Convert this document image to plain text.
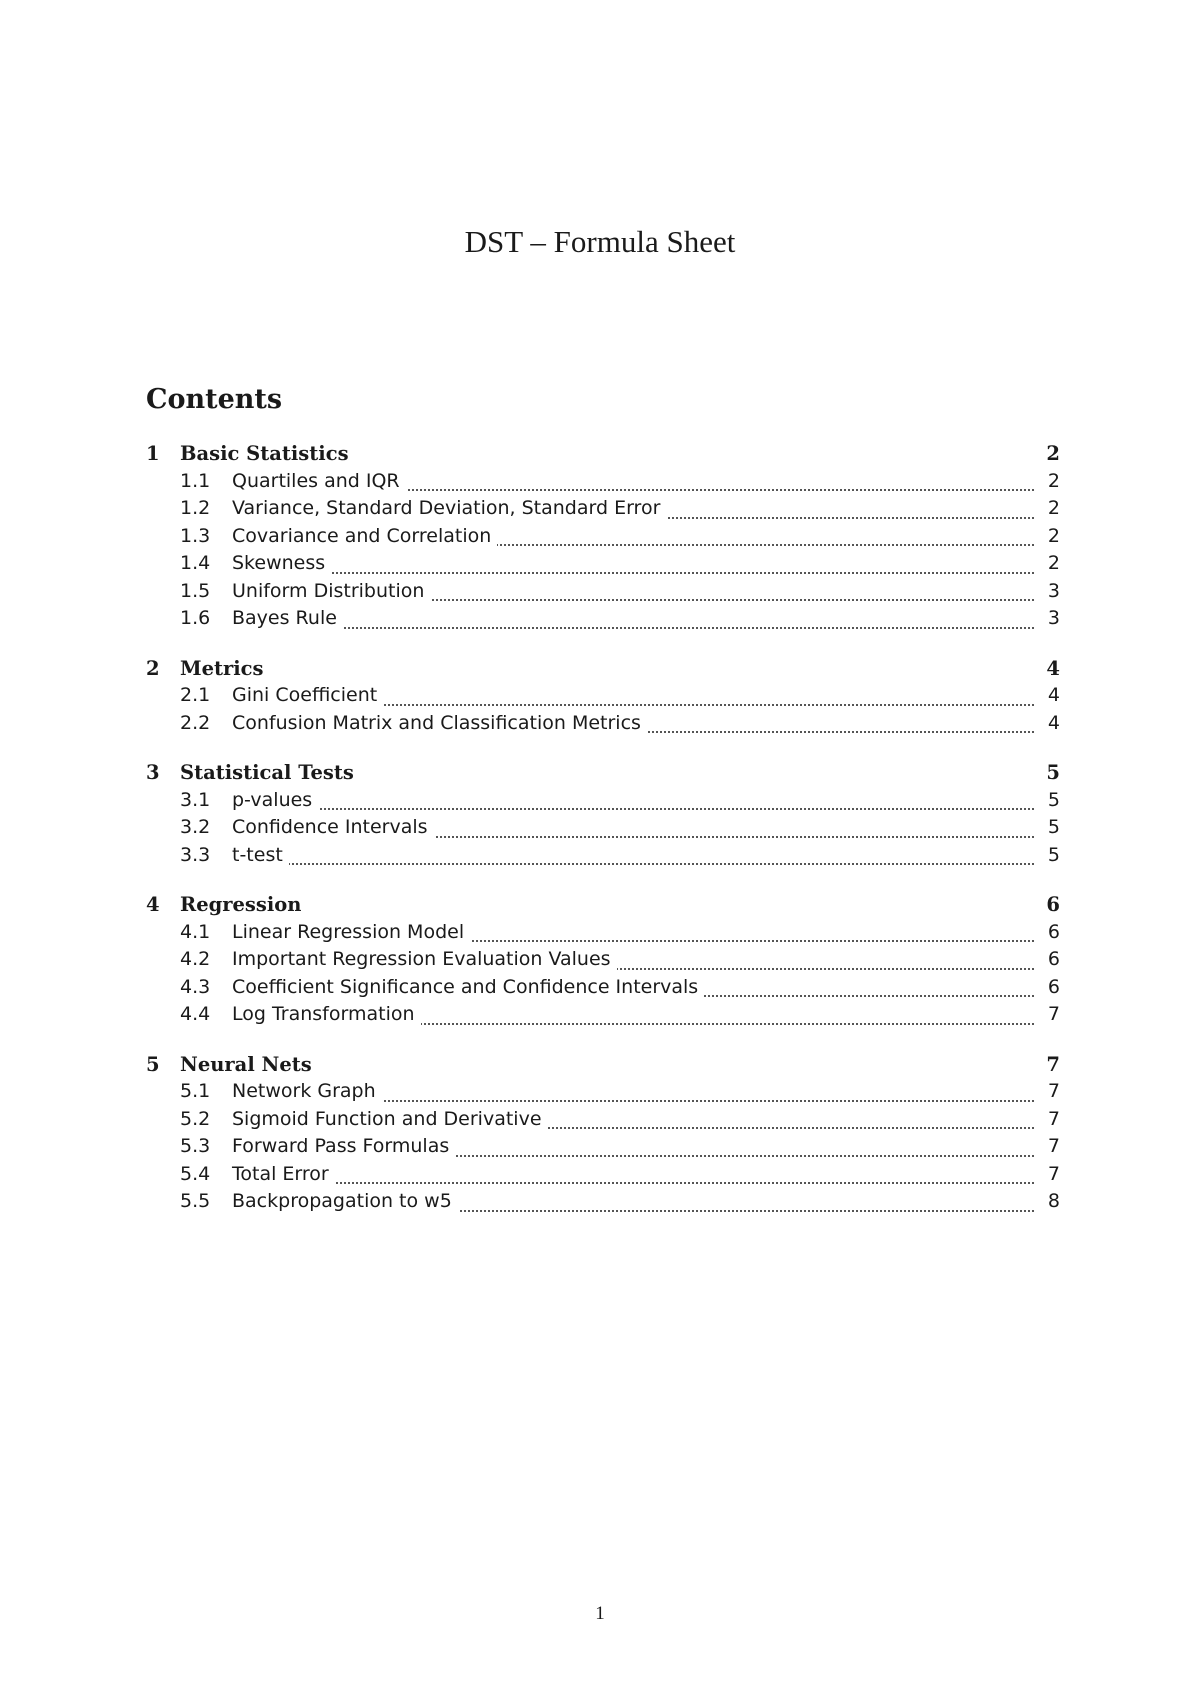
DST – Formula Sheet
Contents
1 Basic Statistics	2
1.1 Quartiles and IQR	2
1.2 Variance, Standard Deviation, Standard Error	2
1.3 Covariance and Correlation	2
1.4 Skewness	2
1.5 Uniform Distribution	3
1.6 Bayes Rule	3
2 Metrics	4
2.1 Gini Coefficient	4
2.2 Confusion Matrix and Classification Metrics	4
3 Statistical Tests	5
3.1 p-values	5
3.2 Confidence Intervals	5
3.3 t-test	5
4 Regression	6
4.1 Linear Regression Model	6
4.2 Important Regression Evaluation Values	6
4.3 Coefficient Significance and Confidence Intervals	6
4.4 Log Transformation	7
5 Neural Nets	7
5.1 Network Graph	7
5.2 Sigmoid Function and Derivative	7
5.3 Forward Pass Formulas	7
5.4 Total Error	7
5.5 Backpropagation to w5	8
1
